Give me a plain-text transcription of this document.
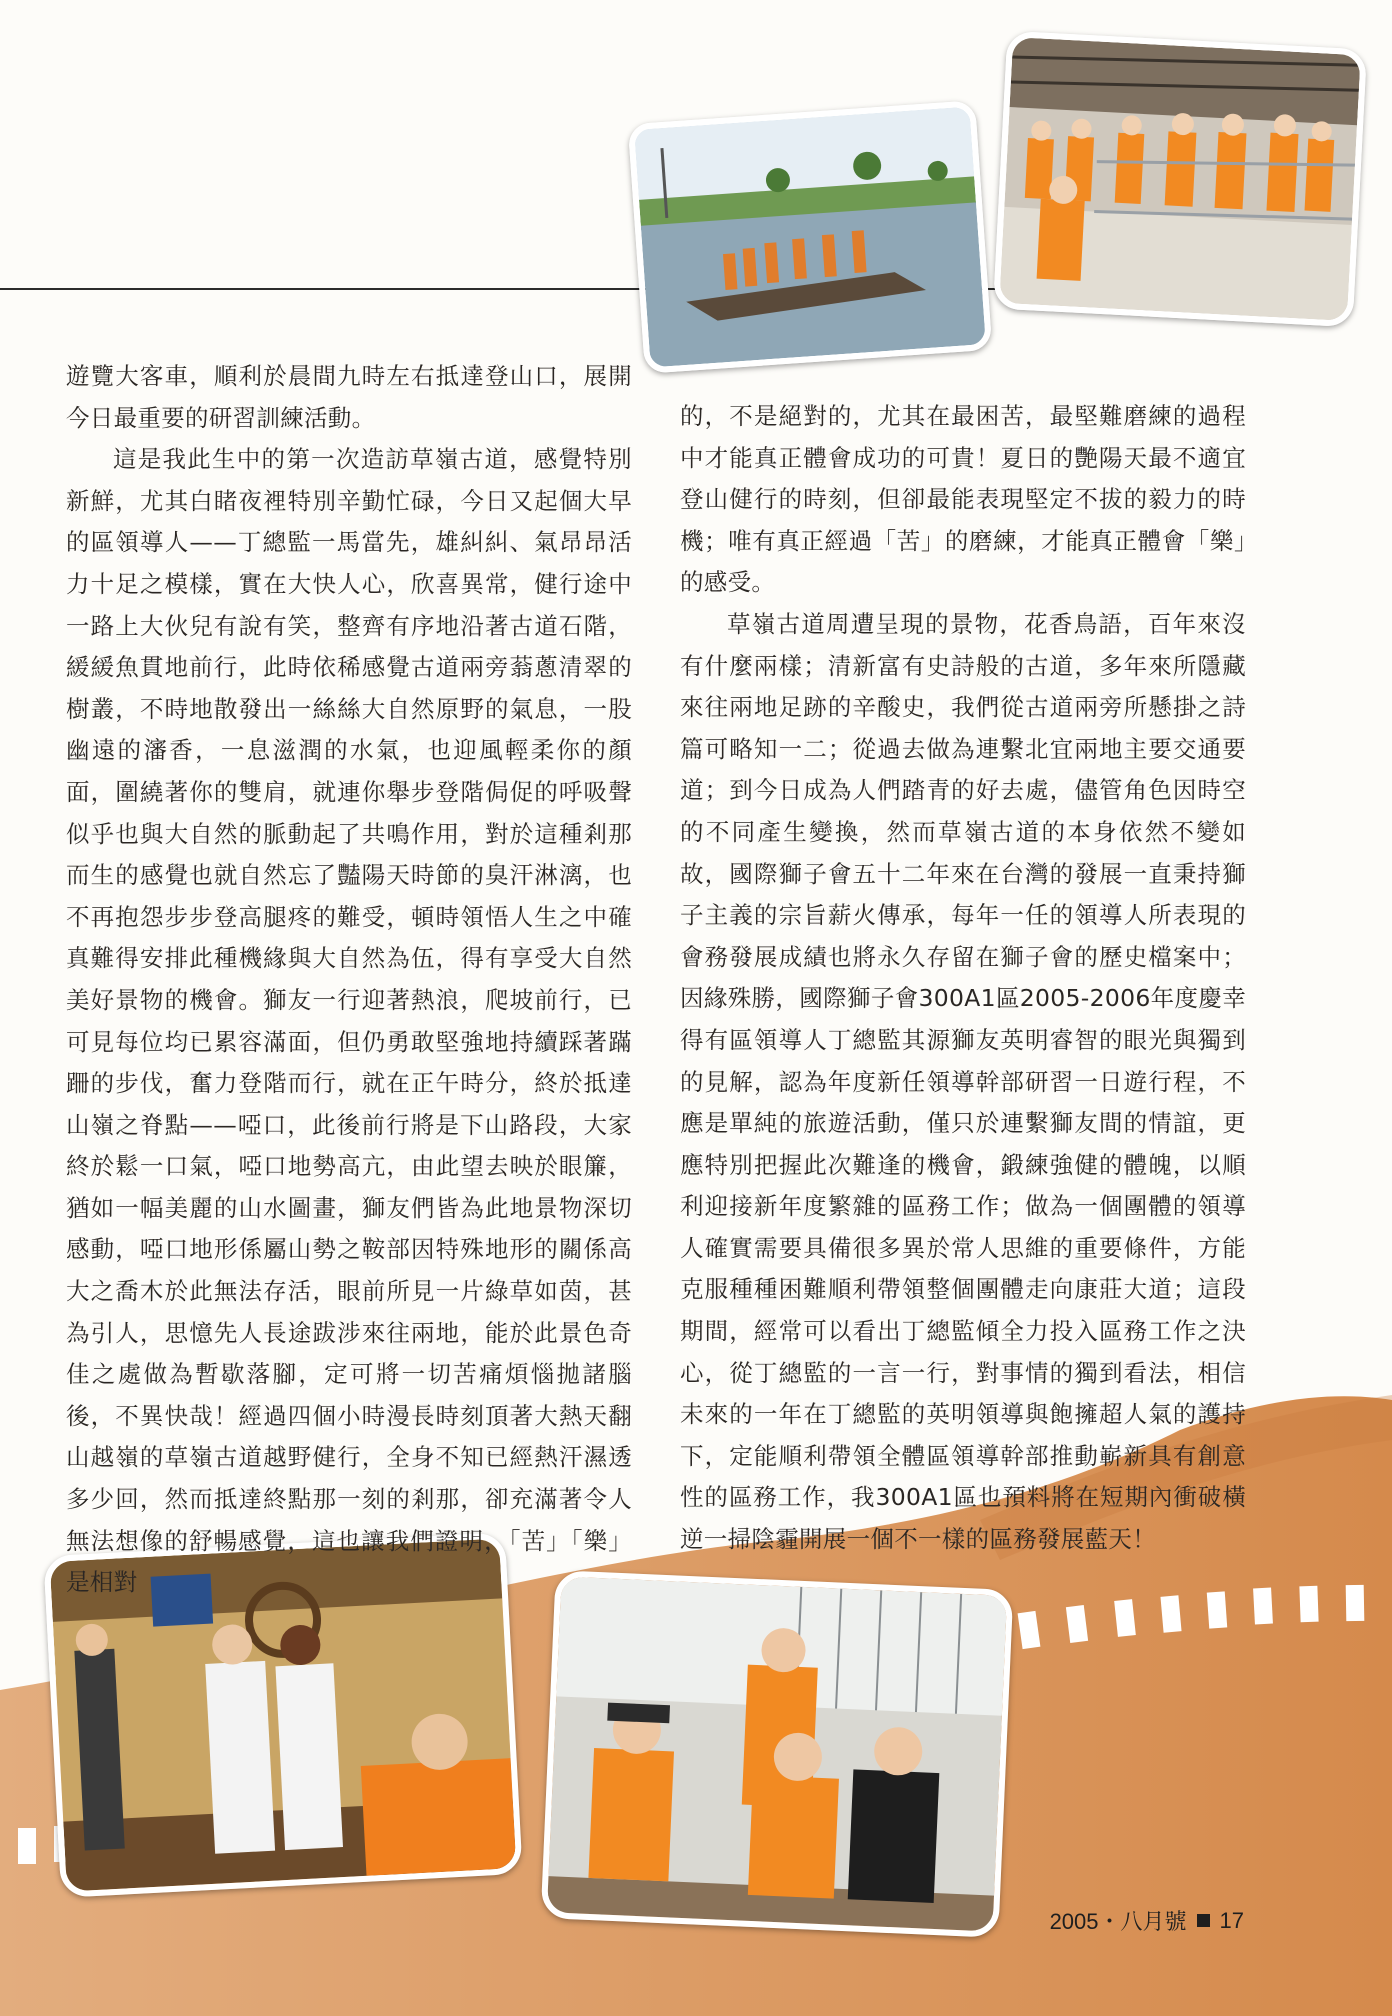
遊覽大客車，順利於晨間九時左右抵達登山口，展開今日最重要的研習訓練活動。

這是我此生中的第一次造訪草嶺古道，感覺特別新鮮，尤其白睹夜裡特別辛勤忙碌，今日又起個大早的區領導人——丁總監一馬當先，雄糾糾、氣昂昂活力十足之模樣，實在大快人心，欣喜異常，健行途中一路上大伙兒有說有笑，整齊有序地沿著古道石階，緩緩魚貫地前行，此時依稀感覺古道兩旁蓊蔥清翠的樹叢，不時地散發出一絲絲大自然原野的氣息，一股幽遠的瀋香，一息滋潤的水氣，也迎風輕柔你的顏面，圍繞著你的雙肩，就連你舉步登階侷促的呼吸聲似乎也與大自然的脈動起了共鳴作用，對於這種剎那而生的感覺也就自然忘了豔陽天時節的臭汗淋漓，也不再抱怨步步登高腿疼的難受，頓時領悟人生之中確真難得安排此種機緣與大自然為伍，得有享受大自然美好景物的機會。獅友一行迎著熱浪，爬坡前行，已可見每位均已累容滿面，但仍勇敢堅強地持續踩著蹣跚的步伐，奮力登階而行，就在正午時分，終於抵達山嶺之脊點——啞口，此後前行將是下山路段，大家終於鬆一口氣，啞口地勢高亢，由此望去映於眼簾，猶如一幅美麗的山水圖畫，獅友們皆為此地景物深切感動，啞口地形係屬山勢之鞍部因特殊地形的關係高大之喬木於此無法存活，眼前所見一片綠草如茵，甚為引人，思憶先人長途跋涉來往兩地，能於此景色奇佳之處做為暫歇落腳，定可將一切苦痛煩惱拋諸腦後，不異快哉！經過四個小時漫長時刻頂著大熱天翻山越嶺的草嶺古道越野健行，全身不知已經熱汗濕透多少回，然而抵達終點那一刻的剎那，卻充滿著令人無法想像的舒暢感覺，這也讓我們證明，「苦」「樂」是相對

的，不是絕對的，尤其在最困苦，最堅難磨練的過程中才能真正體會成功的可貴！夏日的艷陽天最不適宜登山健行的時刻，但卻最能表現堅定不拔的毅力的時機；唯有真正經過「苦」的磨練，才能真正體會「樂」的感受。

草嶺古道周遭呈現的景物，花香鳥語，百年來沒有什麼兩樣；清新富有史詩般的古道，多年來所隱藏來往兩地足跡的辛酸史，我們從古道兩旁所懸掛之詩篇可略知一二；從過去做為連繫北宜兩地主要交通要道；到今日成為人們踏青的好去處，儘管角色因時空的不同產生變換，然而草嶺古道的本身依然不變如故，國際獅子會五十二年來在台灣的發展一直秉持獅子主義的宗旨薪火傳承，每年一任的領導人所表現的會務發展成績也將永久存留在獅子會的歷史檔案中；因緣殊勝，國際獅子會300A1區2005-2006年度慶幸得有區領導人丁總監其源獅友英明睿智的眼光與獨到的見解，認為年度新任領導幹部研習一日遊行程，不應是單純的旅遊活動，僅只於連繫獅友間的情誼，更應特別把握此次難逢的機會，鍛練強健的體魄，以順利迎接新年度繁雜的區務工作；做為一個團體的領導人確實需要具備很多異於常人思維的重要條件，方能克服種種困難順利帶領整個團體走向康莊大道；這段期間，經常可以看出丁總監傾全力投入區務工作之決心，從丁總監的一言一行，對事情的獨到看法，相信未來的一年在丁總監的英明領導與飽擁超人氣的護持下，定能順利帶領全體區領導幹部推動嶄新具有創意性的區務工作，我300A1區也預料將在短期內衝破橫逆一掃陰霾開展一個不一樣的區務發展藍天！

2005・八月號 17
